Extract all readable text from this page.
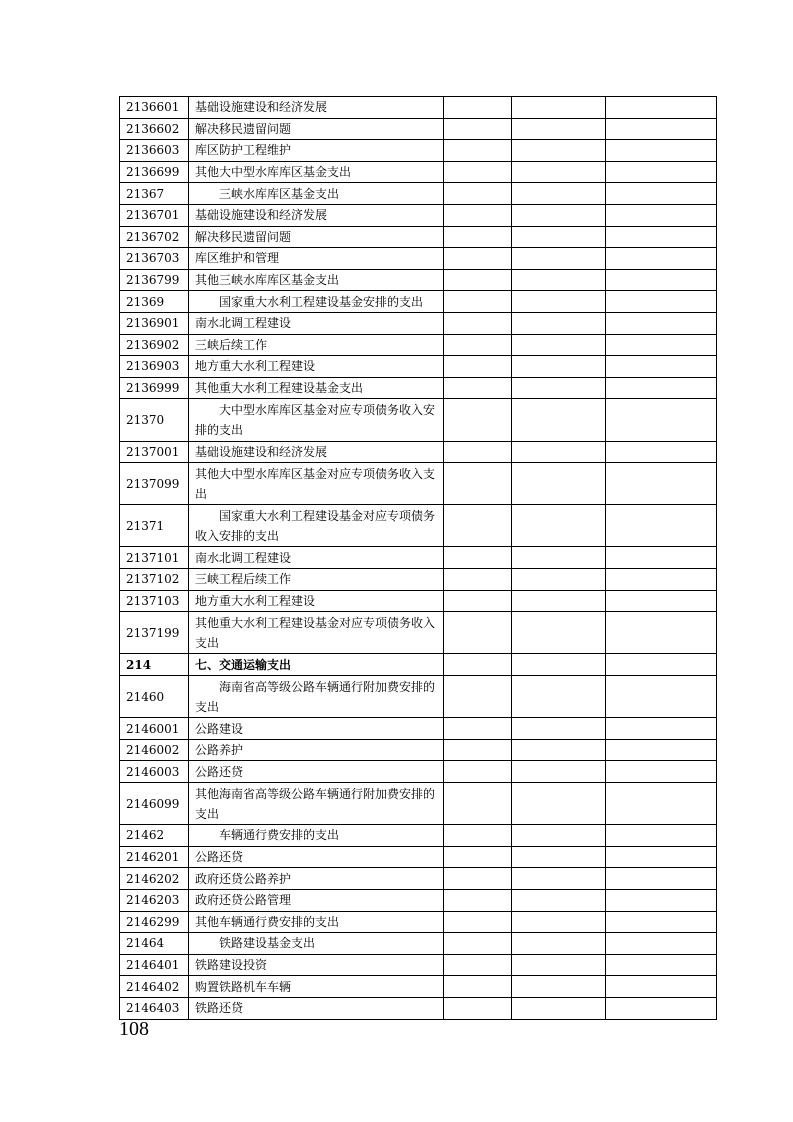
2136601	基础设施建设和经济发展			
2136602	解决移民遗留问题			
2136603	库区防护工程维护			
2136699	其他大中型水库库区基金支出			
21367	三峡水库库区基金支出			
2136701	基础设施建设和经济发展			
2136702	解决移民遗留问题			
2136703	库区维护和管理			
2136799	其他三峡水库库区基金支出			
21369	国家重大水利工程建设基金安排的支出			
2136901	南水北调工程建设			
2136902	三峡后续工作			
2136903	地方重大水利工程建设			
2136999	其他重大水利工程建设基金支出			
21370	大中型水库库区基金对应专项债务收入安排的支出			
2137001	基础设施建设和经济发展			
2137099	其他大中型水库库区基金对应专项债务收入支出			
21371	国家重大水利工程建设基金对应专项债务收入安排的支出			
2137101	南水北调工程建设			
2137102	三峡工程后续工作			
2137103	地方重大水利工程建设			
2137199	其他重大水利工程建设基金对应专项债务收入支出			
214	七、交通运输支出			
21460	海南省高等级公路车辆通行附加费安排的支出			
2146001	公路建设			
2146002	公路养护			
2146003	公路还贷			
2146099	其他海南省高等级公路车辆通行附加费安排的支出			
21462	车辆通行费安排的支出			
2146201	公路还贷			
2146202	政府还贷公路养护			
2146203	政府还贷公路管理			
2146299	其他车辆通行费安排的支出			
21464	铁路建设基金支出			
2146401	铁路建设投资			
2146402	购置铁路机车车辆			
2146403	铁路还贷			
108
